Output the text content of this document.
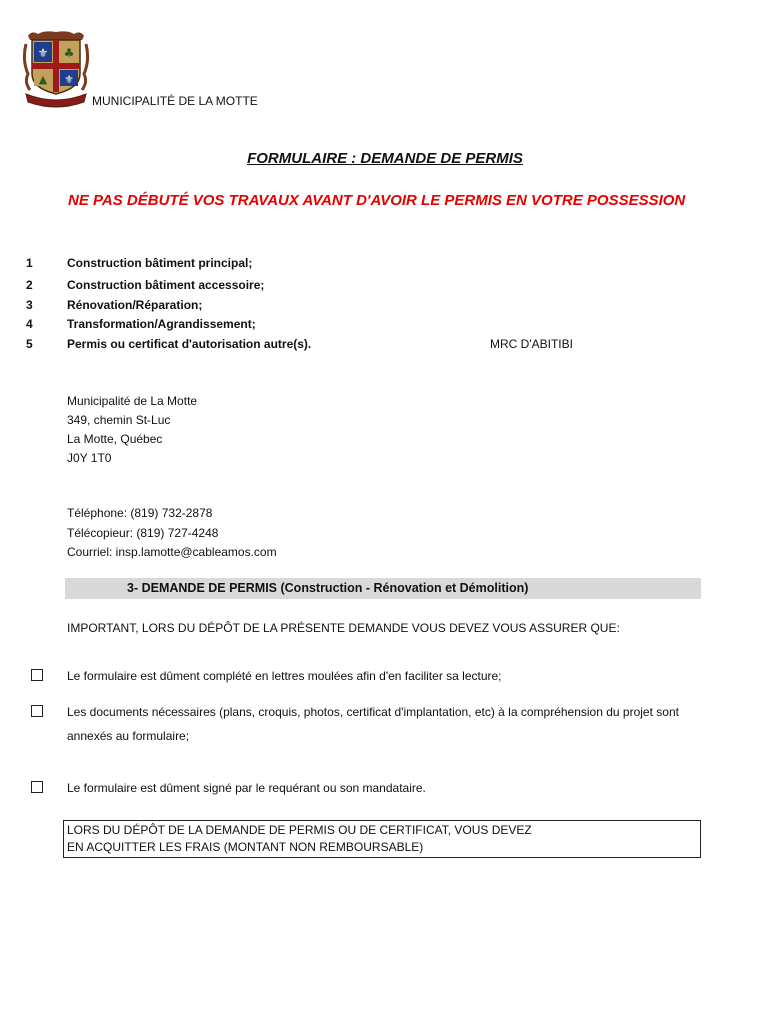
⚜ ♣
▲ ⚜
MUNICIPALITÉ DE LA MOTTE
FORMULAIRE : DEMANDE DE PERMIS
NE PAS DÉBUTÉ VOS TRAVAUX AVANT D'AVOIR LE PERMIS EN VOTRE POSSESSION
1	Construction bâtiment principal;
2	Construction bâtiment accessoire;
3	Rénovation/Réparation;
4	Transformation/Agrandissement;
5	Permis ou certificat d'autorisation autre(s).	MRC D'ABITIBI
Municipalité de La Motte
349, chemin St-Luc
La Motte, Québec
J0Y 1T0
Téléphone: (819) 732-2878
Télécopieur: (819) 727-4248
Courriel: insp.lamotte@cableamos.com
3- DEMANDE DE PERMIS (Construction - Rénovation et Démolition)
IMPORTANT, LORS DU DÉPÔT DE LA PRÉSENTE DEMANDE VOUS DEVEZ VOUS ASSURER QUE:
Le formulaire est dûment complété en lettres moulées afin d'en faciliter sa lecture;
Les documents nécessaires (plans, croquis, photos, certificat d'implantation, etc) à la compréhension du projet sont annexés au formulaire;
Le formulaire est dûment signé par le requérant ou son mandataire.
LORS DU DÉPÔT DE LA DEMANDE DE PERMIS OU DE CERTIFICAT, VOUS DEVEZ
EN ACQUITTER LES FRAIS (MONTANT NON REMBOURSABLE)
